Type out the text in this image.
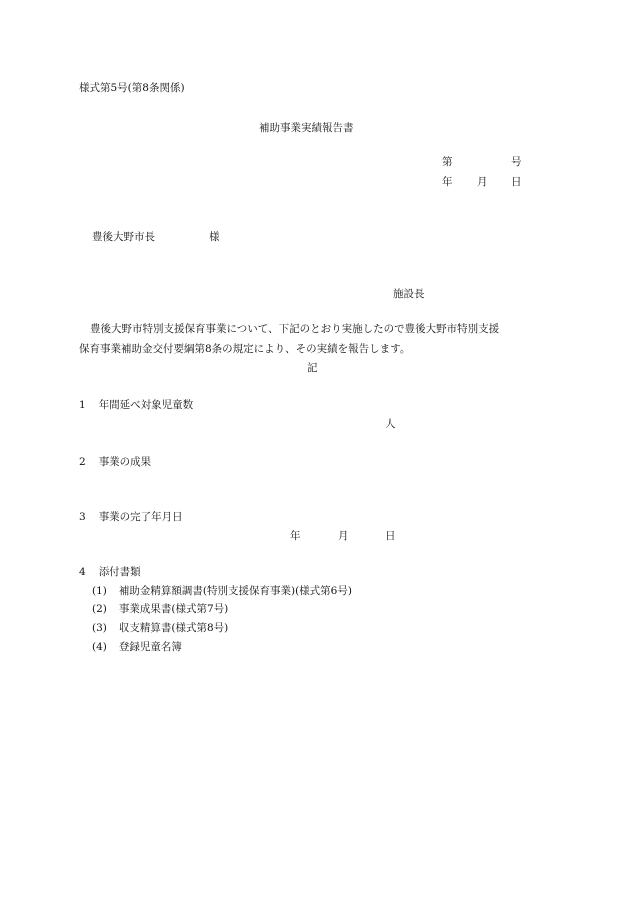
様式第5号(第8条関係)
補助事業実績報告書
第	号
年 月 日
豊後大野市長	様
施設長
豊後大野市特別支援保育事業について、下記のとおり実施したので豊後大野市特別支援
保育事業補助金交付要綱第8条の規定により、その実績を報告します。
記
1 年間延べ対象児童数
人
2 事業の成果
3 事業の完了年月日
年	月	日
4 添付書類
(1) 補助金精算額調書(特別支援保育事業)(様式第6号)
(2) 事業成果書(様式第7号)
(3) 収支精算書(様式第8号)
(4) 登録児童名簿
